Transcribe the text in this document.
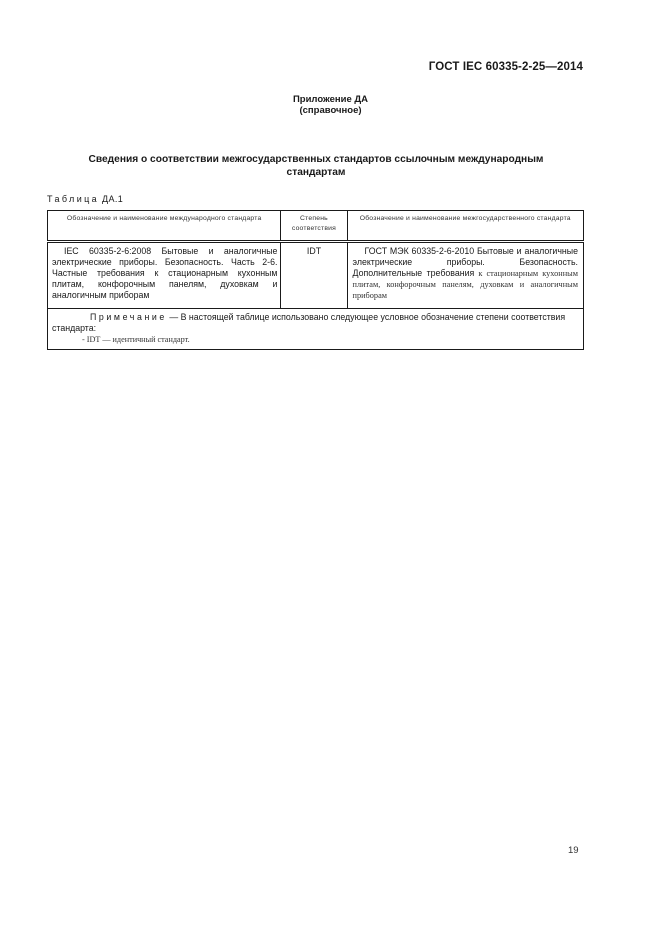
ГОСТ IEC 60335-2-25—2014
Приложение ДА
(справочное)
Сведения о соответствии межгосударственных стандартов ссылочным международным
стандартам
Таблица ДА.1
Обозначение и наименование международного стандарта	Степень соответствия	Обозначение и наименование межгосударственного стандарта
IEC 60335-2-6:2008 Бытовые и аналогичные электрические приборы. Безопасность. Часть 2-6. Частные требования к стационарным кухонным плитам, конфорочным панелям, духовкам и аналогичным приборам	IDT	ГОСТ МЭК 60335-2-6-2010 Бытовые и аналогичные электрические приборы. Безопасность. Дополнительные требования к стационарным кухонным плитам, конфорочным панелям, духовкам и аналогичным приборам

Примечание — В настоящей таблице использовано следующее условное обозначение степени соответствия стандарта:
- IDT — идентичный стандарт.		
19
